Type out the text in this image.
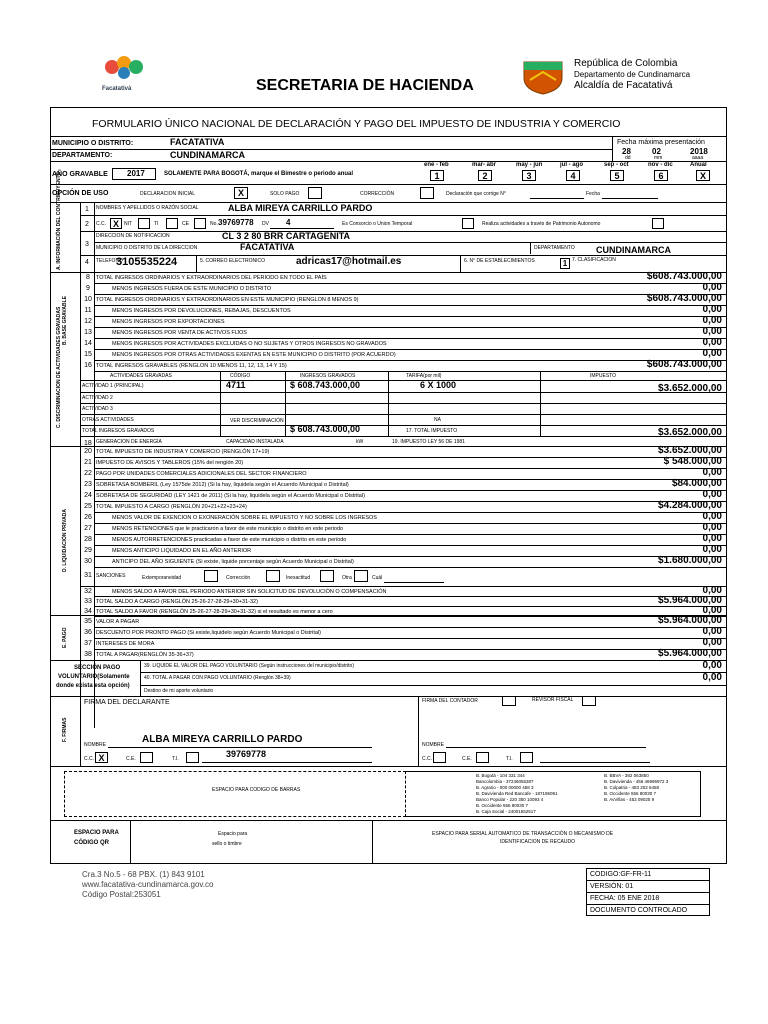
Facatativá	SECRETARIA DE HACIENDA
República de Colombia
Departamento de Cundinamarca
Alcaldía de Facatativá
FORMULARIO ÚNICO NACIONAL DE DECLARACIÓN Y PAGO DEL IMPUESTO DE INDUSTRIA Y COMERCIO
MUNICIPIO O DISTRITO:	FACATATIVA
DEPARTAMENTO:	CUNDINAMARCA
Fecha máxima presentación
28	02	2018
dd	mm	aaaa
AÑO GRAVABLE	2017	SOLAMENTE PARA BOGOTÁ, marque el Bimestre o periodo anual
ene - feb
1
mar- abr
2
may - jun
3
jul - ago
4
sep - oct
5
nov - dic
6
Anual
X
OPCIÓN DE USO	DECLARACION INICIAL	X	SOLO PAGO	CORRECCIÓN	Declaración que corrige N°	Fecha
A. INFORMACIÓN DEL CONTRIBUYENTE	1 NOMBRES Y APELLIDOS O RAZÓN SOCIAL	ALBA MIREYA CARRILLO PARDO
2 C.C. X	NIT	TI	CE	No. 39769778 DV 4	Es Consorcio o Union Temporal	Realiza actividades a través de Patrimonio Autonomo
3
DIRECCION DE NOTIFICACION	CL 3 2 80 BRR CARTAGENITA
MUNICIPIO O DISTRITO DE LA DIRECCION	FACATATIVA	DEPARTAMENTO CUNDINAMARCA
4 TELEFONO
3105535224	5. CORREO ELECTRONICO	adricas17@hotmail.es	6. N° DE ESTABLECIMIENTOS	1 7. CLASIFICACION
B. BASE GRAVABLE
8	TOTAL INGRESOS ORDINARIOS Y EXTRAORDINARIOS DEL PERIODO EN TODO EL PAÍS	$608.743.000,00
9	MENOS INGRESOS FUERA DE ESTE MUNICIPIO O DISTRITO	0,00
10 TOTAL INGRESOS ORDINARIOS Y EXTRAORDINARIOS EN ESTE MUNICIPIO (RENGLON 8 MENOS 9)	$608.743.000,00
11	MENOS INGRESOS POR DEVOLUCIONES, REBAJAS, DESCUENTOS	0,00
12	MENOS INGRESOS POR EXPORTACIONES	0,00
13	MENOS INGRESOS POR VENTA DE ACTIVOS FIJOS	0,00
14	MENOS INGRESOS POR ACTIVIDADES EXCLUIDAS O NO SUJETAS Y OTROS INGRESOS NO GRAVADOS	0,00
15	MENOS INGRESOS POR OTRAS ACTIVIDADES EXENTAS EN ESTE MUNICIPIO O DISTRITO (POR ACUERDO)	0,00
16 TOTAL INGRESOS GRAVABLES (RENGLON 10 MENOS 11, 12, 13, 14 Y 15)	$608.743.000,00
C. DISCRIMINACION DE ACTIVIDADES GRAVADAS	ACTIVIDADES GRAVADAS	CÓDIGO	INGRESOS GRAVADOS	TARIFA(por mil)	IMPUESTO
ACTIVIDAD 1 (PRINCIPAL)	4711	$ 608.743.000,00	6 X 1000	$3.652.000,00
ACTIVIDAD 2
ACTIVIDAD 3
OTRAS ACTIVIDADES	VER DISCRIMINACIÓN	NA
TOTAL INGRESOS GRAVADOS	$ 608.743.000,00	17. TOTAL IMPUESTO	$3.652.000,00
18 GENERACION DE ENERGÍA	CAPACIDAD INSTALADA	kW	19. IMPUESTO LEY 56 DE 1981
D. LIQUIDACIÓN PRIVADA
20 TOTAL IMPUESTO DE INDUSTRIA Y COMERCIO (RENGLÓN 17+19)	$3.652.000,00
21 IMPUESTO DE AVISOS Y TABLEROS (15% del rengión 20)	$ 548.000,00
22 PAGO POR UNIDADES COMERCIALES ADICIONALES DEL SECTOR FINANCIERO	0,00
23 SOBRETASA BOMBERIL (Ley 1575de 2012) (Si la hay, liquidela según el Acuerdo Municipal o Distrital)	$84.000,00
24 SOBRETASA DE SEGURIDAD (LEY 1421 de 2011) (Si la hay, liquidela según el Acuerdo Municipal o Distrital)	0,00
25 TOTAL IMPUESTO A CARGO (RENGLÓN 20+21+22+23+24)	$4.284.000,00
26	MENOS VALOR DE EXENCION O EXONERACIÓN SOBRE EL IMPUESTO Y NO SOBRE LOS INGRESOS	0,00
27	MENOS RETENCIONES que le practicaron a favor de este municipio o distrito en este periodo	0,00
28	MENOS AUTORRETENCIONES practicadas a favor de este municipio o distrito en este periodo	0,00
29	MENOS ANTICIPO LIQUIDADO EN EL AÑO ANTERIOR	0,00
30	ANTICIPO DEL AÑO SIGUIENTE (Si existe, liquide porcentaje según Acuerdo Municipal o Distrital)	$1.680.000,00
31 SANCIONES	Extemporaneidad	Corrección	Inexactitud	Otra	Cuál
32	MENOS SALDO A FAVOR DEL PERIODO ANTERIOR SIN SOLICITUD DE DEVOLUCIÓN O COMPENSACIÓN	0,00
33 TOTAL SALDO A CARGO (RENGLÓN 25-26-27-28-29+30+31-32)	$5.964.000,00
34 TOTAL SALDO A FAVOR (RENGLÓN 25-26-27-28-29+30+31-32) si el resultado es menor a cero	0,00
E. PAGO
35 VALOR A PAGAR	$5.964.000,00
36 DESCUENTO POR PRONTO PAGO (Si existe,liquidelo según Acuerdo Municipal o Distrital)	0,00
37 INTERESES DE MORA	0,00
38 TOTAL A PAGAR(RENGLÓN 35-36+37)	$5.964.000,00
SECCIÓN PAGO
VOLUNTARIO(Solamente
donde exista esta opción)
39. LIQUIDE EL VALOR DEL PAGO VOLUNTARIO (Según instrucciones del municipio/distrito)	0,00
40. TOTAL A PAGAR CON PAGO VOLUNTARIO (Renglón 38+39)	0,00
Destino de mi aporte voluntario
F. FIRMAS
FIRMA DEL DECLARANTE	FIRMA DEL CONTADOR	REVISOR FISCAL
NOMBRE	ALBA MIREYA CARRILLO PARDO	NOMBRE
C.C. X	C.E.	T.I.	39769778	C.C.	C.E.	T.I.
ESPACIO PARA CODIGO DE BARRAS
B. Bogotá - 104 331 344
Bancolombia - 37246055387
B. Agrario - 000 00000 458 3
B. Davivienda Red Bancafe - 187195091
Banco Popular - 220 350 10093 4
B. Occidente 556 80030 7
B. Caja Social - 24001552517
B. BBVA - 382 063850
B. Davivienda - 456 46995972 3
B. Colpatria - 483 202 6458
B. Occidente 556 80030 7
B. AvVillas - 453 09025 9
ESPACIO PARA
CÓDIGO QR
Espacio para
sello o timbre
ESPACIO PARA SERIAL AUTOMATICO DE TRANSACCIÓN O MECANISMO DE
IDENTIFICACION DE RECAUDO
Cra.3 No.5 - 68 PBX. (1) 843 9101
www.facatativa-cundinamarca.gov.co
Código Postal:253051
CODIGO:GF-FR-11
VERSIÓN: 01
FECHA: 05 ENE 2018
DOCUMENTO CONTROLADO
